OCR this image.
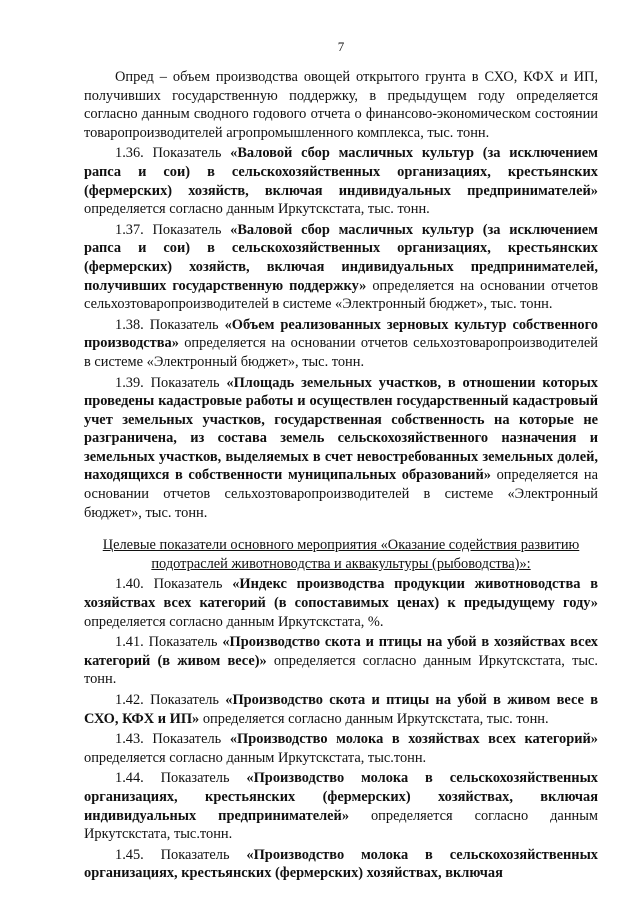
7

Опред – объем производства овощей открытого грунта в СХО, КФХ и ИП, получивших государственную поддержку, в предыдущем году определяется согласно данным сводного годового отчета о финансово-экономическом состоянии товаропроизводителей агропромышленного комплекса, тыс. тонн.

1.36. Показатель «Валовой сбор масличных культур (за исключением рапса и сои) в сельскохозяйственных организациях, крестьянских (фермерских) хозяйств, включая индивидуальных предпринимателей» определяется согласно данным Иркутскстата, тыс. тонн.

1.37. Показатель «Валовой сбор масличных культур (за исключением рапса и сои) в сельскохозяйственных организациях, крестьянских (фермерских) хозяйств, включая индивидуальных предпринимателей, получивших государственную поддержку» определяется на основании отчетов сельхозтоваропроизводителей в системе «Электронный бюджет», тыс. тонн.

1.38. Показатель «Объем реализованных зерновых культур собственного производства» определяется на основании отчетов сельхозтоваропроизводителей в системе «Электронный бюджет», тыс. тонн.

1.39. Показатель «Площадь земельных участков, в отношении которых проведены кадастровые работы и осуществлен государственный кадастровый учет земельных участков, государственная собственность на которые не разграничена, из состава земель сельскохозяйственного назначения и земельных участков, выделяемых в счет невостребованных земельных долей, находящихся в собственности муниципальных образований» определяется на основании отчетов сельхозтоваропроизводителей в системе «Электронный бюджет», тыс. тонн.

Целевые показатели основного мероприятия «Оказание содействия развитию подотраслей животноводства и аквакультуры (рыбоводства)»:

1.40. Показатель «Индекс производства продукции животноводства в хозяйствах всех категорий (в сопоставимых ценах) к предыдущему году» определяется согласно данным Иркутскстата, %.

1.41. Показатель «Производство скота и птицы на убой в хозяйствах всех категорий (в живом весе)» определяется согласно данным Иркутскстата, тыс. тонн.

1.42. Показатель «Производство скота и птицы на убой в живом весе в СХО, КФХ и ИП» определяется согласно данным Иркутскстата, тыс. тонн.

1.43. Показатель «Производство молока в хозяйствах всех категорий» определяется согласно данным Иркутскстата, тыс.тонн.

1.44. Показатель «Производство молока в сельскохозяйственных организациях, крестьянских (фермерских) хозяйствах, включая индивидуальных предпринимателей» определяется согласно данным Иркутскстата, тыс.тонн.

1.45. Показатель «Производство молока в сельскохозяйственных организациях, крестьянских (фермерских) хозяйствах, включая
